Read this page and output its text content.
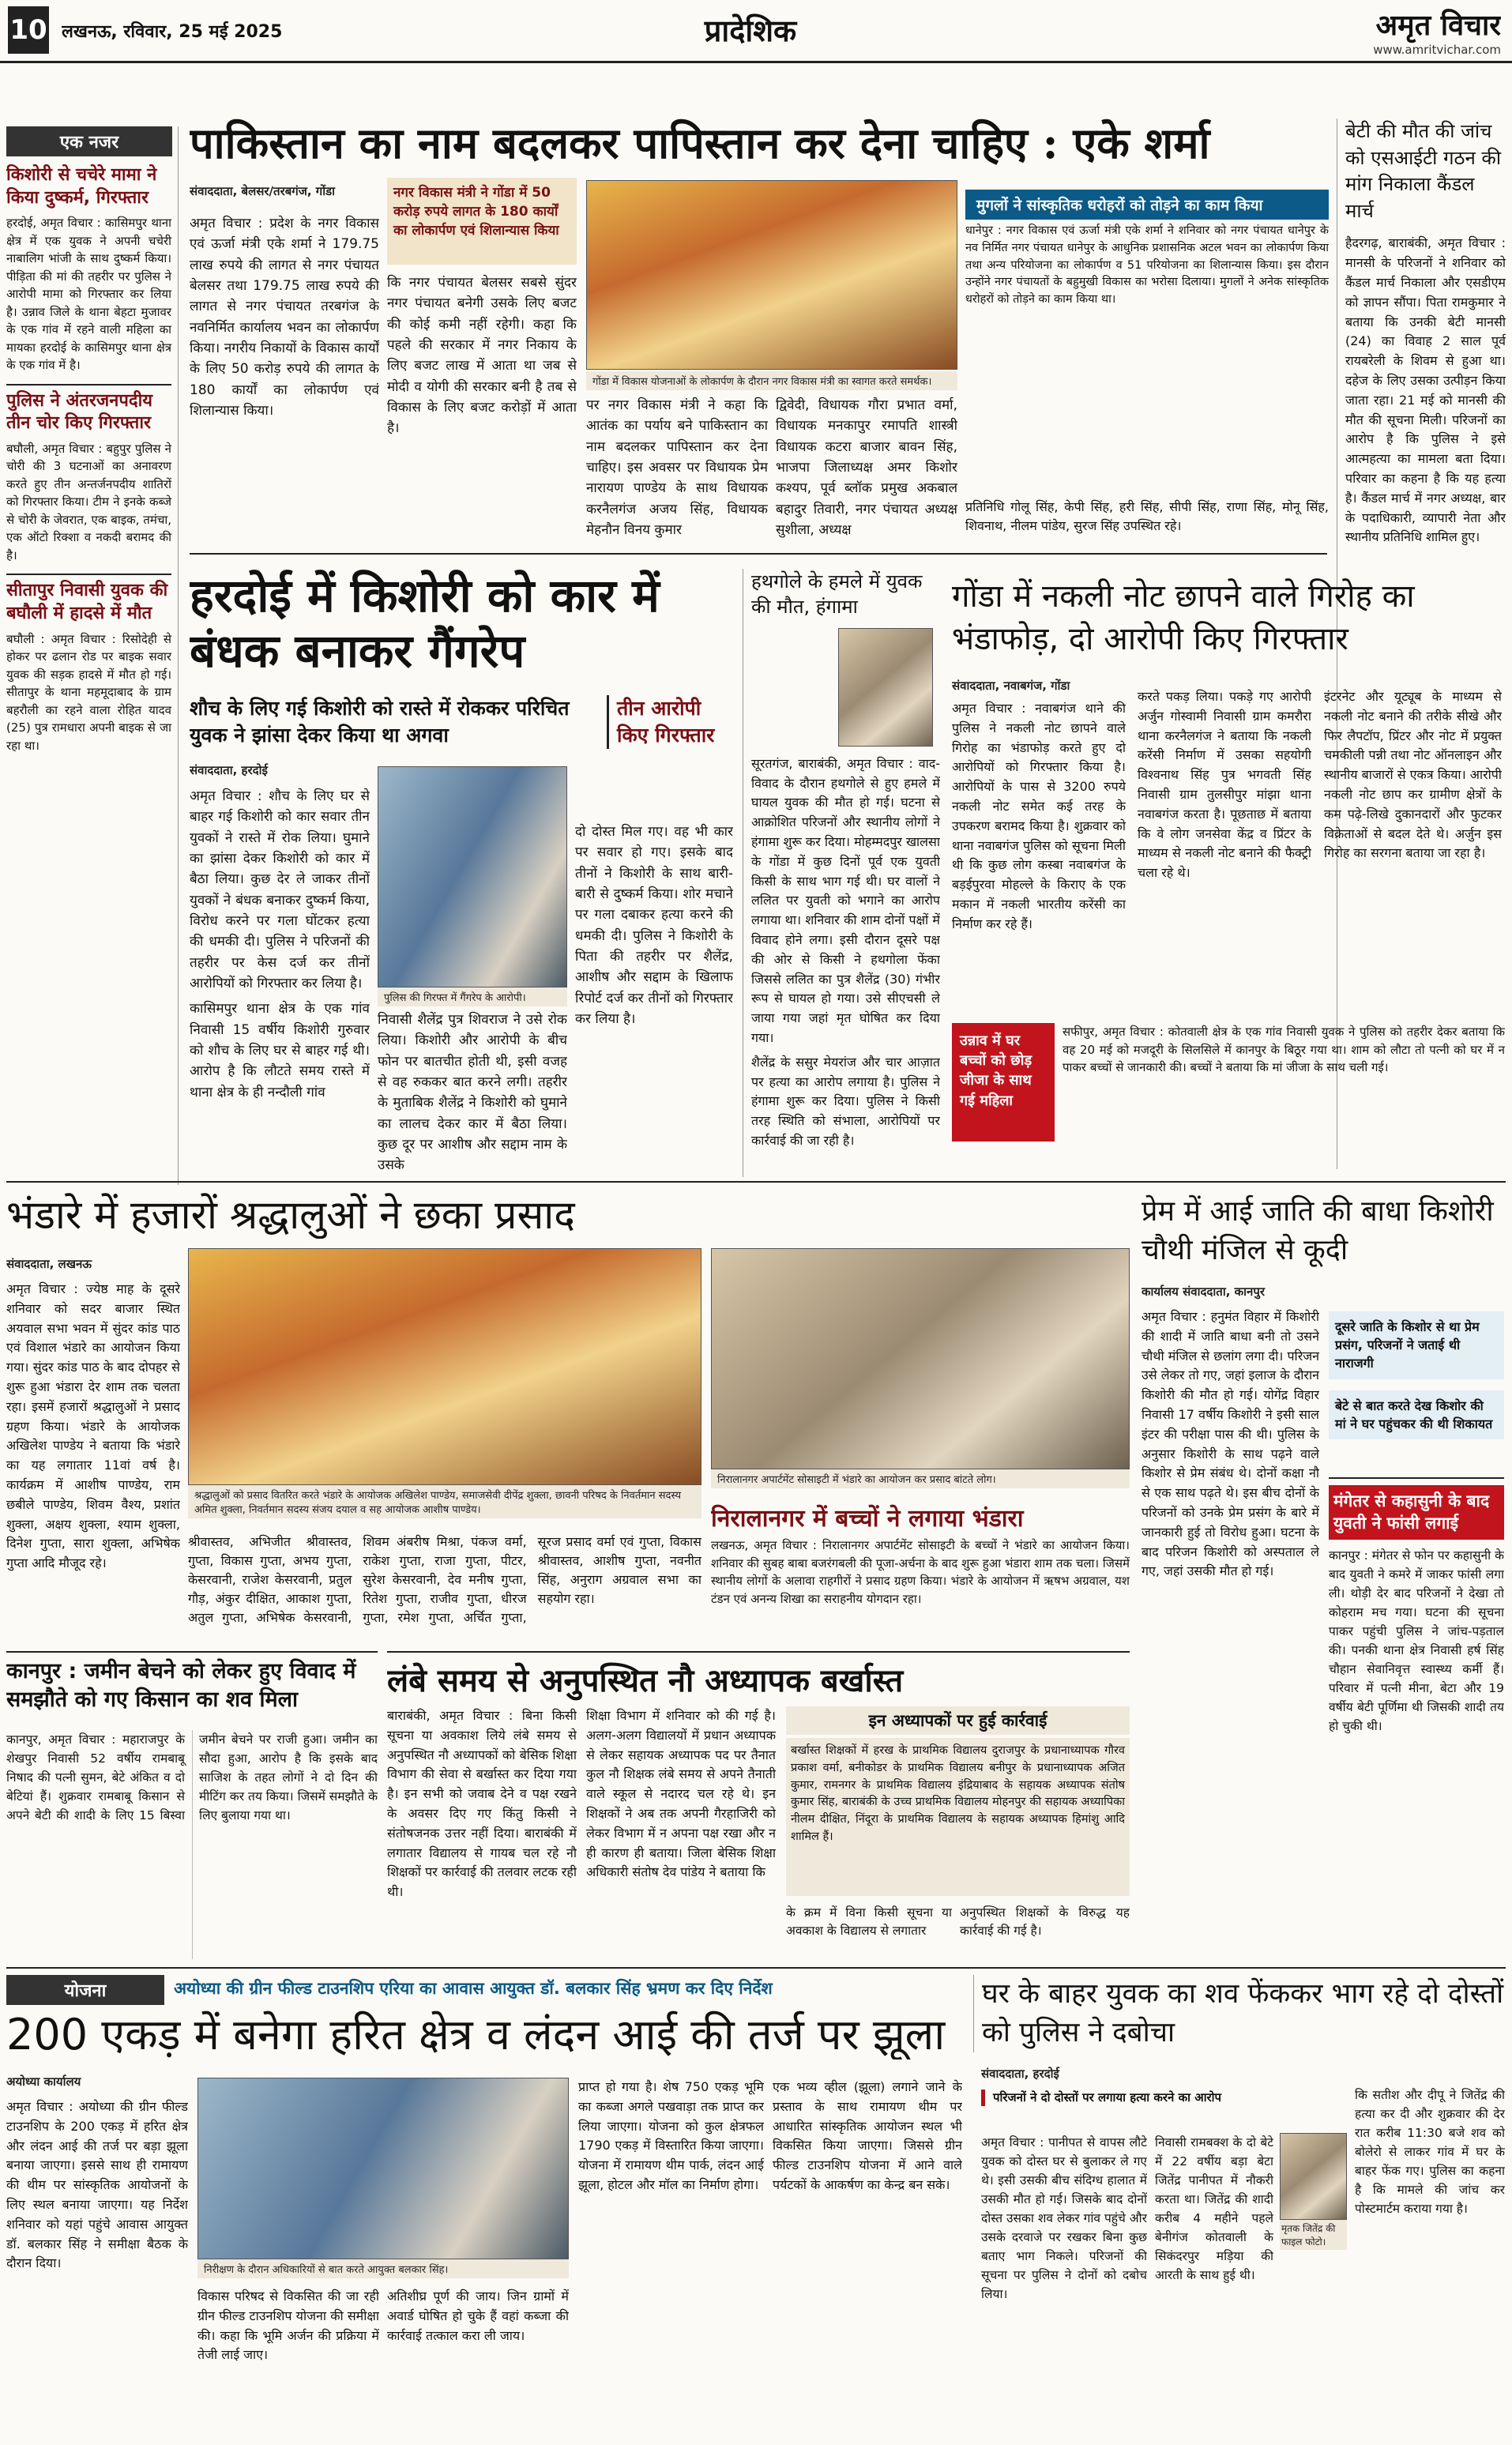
10 लखनऊ, रविवार, 25 मई 2025	प्रादेशिक	अमृत विचार
www.amritvichar.com
एक नजर
किशोरी से चचेरे मामा ने किया दुष्कर्म, गिरफ्तार
हरदोई, अमृत विचार : कासिमपुर थाना क्षेत्र में एक युवक ने अपनी चचेरी नाबालिग भांजी के साथ दुष्कर्म किया। पीड़िता की मां की तहरीर पर पुलिस ने आरोपी मामा को गिरफ्तार कर लिया है। उन्नाव जिले के थाना बेहटा मुजावर के एक गांव में रहने वाली महिला का मायका हरदोई के कासिमपुर थाना क्षेत्र के एक गांव में है।
पुलिस ने अंतरजनपदीय तीन चोर किए गिरफ्तार
बघौली, अमृत विचार : बहुपुर पुलिस ने चोरी की 3 घटनाओं का अनावरण करते हुए तीन अन्तर्जनपदीय शातिरों को गिरफ्तार किया। टीम ने इनके कब्जे से चोरी के जेवरात, एक बाइक, तमंचा, एक ऑटो रिक्शा व नकदी बरामद की है।
सीतापुर निवासी युवक की बघौली में हादसे में मौत
बघौली : अमृत विचार : रिसोदेही से होकर पर ढलान रोड पर बाइक सवार युवक की सड़क हादसे में मौत हो गई। सीतापुर के थाना महमूदाबाद के ग्राम बहरौली का रहने वाला रोहित यादव (25) पुत्र रामधारा अपनी बाइक से जा रहा था।
पाकिस्तान का नाम बदलकर पापिस्तान कर देना चाहिए : एके शर्मा
संवाददाता, बेलसर/तरबगंज, गोंडा	नगर विकास मंत्री ने गोंडा में 50 करोड़ रुपये लागत के 180 कार्यों का लोकार्पण एवं शिलान्यास किया

अमृत विचार : प्रदेश के नगर विकास एवं ऊर्जा मंत्री एके शर्मा ने 179.75 लाख रुपये की लागत से नगर पंचायत बेलसर तथा 179.75 लाख रुपये की लागत से नगर पंचायत तरबगंज के नवनिर्मित कार्यालय भवन का लोकार्पण किया। नगरीय निकायों के विकास कार्यों के लिए 50 करोड़ रुपये की लागत के 180 कार्यों का लोकार्पण एवं शिलान्यास किया।

कि नगर पंचायत बेलसर सबसे सुंदर नगर पंचायत बनेगी उसके लिए बजट की कोई कमी नहीं रहेगी। कहा कि पहले की सरकार में नगर निकाय के लिए बजट लाख में आता था जब से मोदी व योगी की सरकार बनी है तब से विकास के लिए बजट करोड़ों में आता है।

गोंडा में विकास योजनाओं के लोकार्पण के दौरान नगर विकास मंत्री का स्वागत करते समर्थक।

पर नगर विकास मंत्री ने कहा कि आतंक का पर्याय बने पाकिस्तान का नाम बदलकर पापिस्तान कर देना चाहिए। इस अवसर पर विधायक प्रेम नारायण पाण्डेय के साथ विधायक करनैलगंज अजय सिंह, विधायक मेहनौन विनय कुमार

द्विवेदी, विधायक गौरा प्रभात वर्मा, विधायक मनकापुर रमापति शास्त्री विधायक कटरा बाजार बावन सिंह, भाजपा जिलाध्यक्ष अमर किशोर कश्यप, पूर्व ब्लॉक प्रमुख अकबाल बहादुर तिवारी, नगर पंचायत अध्यक्ष सुशीला, अध्यक्ष

मुगलों ने सांस्कृतिक धरोहरों को तोड़ने का काम किया
धानेपुर : नगर विकास एवं ऊर्जा मंत्री एके शर्मा ने शनिवार को नगर पंचायत धानेपुर के नव निर्मित नगर पंचायत धानेपुर के आधुनिक प्रशासनिक अटल भवन का लोकार्पण किया तथा अन्य परियोजना का लोकार्पण व 51 परियोजना का शिलान्यास किया। इस दौरान उन्होंने नगर पंचायतों के बहुमुखी विकास का भरोसा दिलाया। मुगलों ने अनेक सांस्कृतिक धरोहरों को तोड़ने का काम किया था।
प्रतिनिधि गोलू सिंह, केपी सिंह, हरी सिंह, सीपी सिंह, राणा सिंह, मोनू सिंह, शिवनाथ, नीलम पांडेय, सुरज सिंह उपस्थित रहे।
बेटी की मौत की जांच को एसआईटी गठन की मांग निकाला कैंडल मार्च
हैदरगढ़, बाराबंकी, अमृत विचार : मानसी के परिजनों ने शनिवार को कैंडल मार्च निकाला और एसडीएम को ज्ञापन सौंपा। पिता रामकुमार ने बताया कि उनकी बेटी मानसी (24) का विवाह 2 साल पूर्व रायबरेली के शिवम से हुआ था। दहेज के लिए उसका उत्पीड़न किया जाता रहा। 21 मई को मानसी की मौत की सूचना मिली। परिजनों का आरोप है कि पुलिस ने इसे आत्महत्या का मामला बता दिया। परिवार का कहना है कि यह हत्या है। कैंडल मार्च में नगर अध्यक्ष, बार के पदाधिकारी, व्यापारी नेता और स्थानीय प्रतिनिधि शामिल हुए।
हरदोई में किशोरी को कार में बंधक बनाकर गैंगरेप
शौच के लिए गई किशोरी को रास्ते में रोककर परिचित युवक ने झांसा देकर किया था अगवा
तीन आरोपी किए गिरफ्तार
संवाददाता, हरदोई

अमृत विचार : शौच के लिए घर से बाहर गई किशोरी को कार सवार तीन युवकों ने रास्ते में रोक लिया। घुमाने का झांसा देकर किशोरी को कार में बैठा लिया। कुछ देर ले जाकर तीनों युवकों ने बंधक बनाकर दुष्कर्म किया, विरोध करने पर गला घोंटकर हत्या की धमकी दी। पुलिस ने परिजनों की तहरीर पर केस दर्ज कर तीनों आरोपियों को गिरफ्तार कर लिया है।

कासिमपुर थाना क्षेत्र के एक गांव निवासी 15 वर्षीय किशोरी गुरुवार को शौच के लिए घर से बाहर गई थी। आरोप है कि लौटते समय रास्ते में थाना क्षेत्र के ही नन्दौली गांव

पुलिस की गिरफ्त में गैंगरेप के आरोपी।

निवासी शैलेंद्र पुत्र शिवराज ने उसे रोक लिया। किशोरी और आरोपी के बीच फोन पर बातचीत होती थी, इसी वजह से वह रुककर बात करने लगी। तहरीर के मुताबिक शैलेंद्र ने किशोरी को घुमाने का लालच देकर कार में बैठा लिया। कुछ दूर पर आशीष और सद्दाम नाम के उसके

दो दोस्त मिल गए। वह भी कार पर सवार हो गए। इसके बाद तीनों ने किशोरी के साथ बारी-बारी से दुष्कर्म किया। शोर मचाने पर गला दबाकर हत्या करने की धमकी दी। पुलिस ने किशोरी के पिता की तहरीर पर शैलेंद्र, आशीष और सद्दाम के खिलाफ रिपोर्ट दर्ज कर तीनों को गिरफ्तार कर लिया है।

हथगोले के हमले में युवक की मौत, हंगामा
सूरतगंज, बाराबंकी, अमृत विचार : वाद-विवाद के दौरान हथगोले से हुए हमले में घायल युवक की मौत हो गई। घटना से आक्रोशित परिजनों और स्थानीय लोगों ने हंगामा शुरू कर दिया। मोहम्मदपुर खालसा के गोंडा में कुछ दिनों पूर्व एक युवती किसी के साथ भाग गई थी। घर वालों ने ललित पर युवती को भगाने का आरोप लगाया था। शनिवार की शाम दोनों पक्षों में विवाद होने लगा। इसी दौरान दूसरे पक्ष की ओर से किसी ने हथगोला फेंका जिससे ललित का पुत्र शैलेंद्र (30) गंभीर रूप से घायल हो गया। उसे सीएचसी ले जाया गया जहां मृत घोषित कर दिया गया।
शैलेंद्र के ससुर मेयरांज और चार आज़ात पर हत्या का आरोप लगाया है। पुलिस ने हंगामा शुरू कर दिया। पुलिस ने किसी तरह स्थिति को संभाला, आरोपियों पर कार्रवाई की जा रही है।
गोंडा में नकली नोट छापने वाले गिरोह का भंडाफोड़, दो आरोपी किए गिरफ्तार
संवाददाता, नवाबगंज, गोंडा

अमृत विचार : नवाबगंज थाने की पुलिस ने नकली नोट छापने वाले गिरोह का भंडाफोड़ करते हुए दो आरोपियों को गिरफ्तार किया है। आरोपियों के पास से 3200 रुपये नकली नोट समेत कई तरह के उपकरण बरामद किया है। शुक्रवार को थाना नवाबगंज पुलिस को सूचना मिली थी कि कुछ लोग कस्बा नवाबगंज के बड़ईपुरवा मोहल्ले के किराए के एक मकान में नकली भारतीय करेंसी का निर्माण कर रहे हैं।

करते पकड़ लिया। पकड़े गए आरोपी अर्जुन गोस्वामी निवासी ग्राम कमरौरा थाना करनैलगंज ने बताया कि नकली करेंसी निर्माण में उसका सहयोगी विश्वनाथ सिंह पुत्र भगवती सिंह निवासी ग्राम तुलसीपुर मांझा थाना नवाबगंज करता है। पूछताछ में बताया कि वे लोग जनसेवा केंद्र व प्रिंटर के माध्यम से नकली नोट बनाने की फैक्ट्री चला रहे थे।

इंटरनेट और यूट्यूब के माध्यम से नकली नोट बनाने की तरीके सीखे और फिर लैपटॉप, प्रिंटर और नोट में प्रयुक्त चमकीली पन्नी तथा नोट ऑनलाइन और स्थानीय बाजारों से एकत्र किया। आरोपी नकली नोट छाप कर ग्रामीण क्षेत्रों के कम पढ़े-लिखे दुकानदारों और फुटकर विक्रेताओं से बदल देते थे। अर्जुन इस गिरोह का सरगना बताया जा रहा है।

उन्नाव में घर बच्चों को छोड़ जीजा के साथ गई महिला
सफीपुर, अमृत विचार : कोतवाली क्षेत्र के एक गांव निवासी युवक ने पुलिस को तहरीर देकर बताया कि वह 20 मई को मजदूरी के सिलसिले में कानपुर के बिठूर गया था। शाम को लौटा तो पत्नी को घर में न पाकर बच्चों से जानकारी की। बच्चों ने बताया कि मां जीजा के साथ चली गई।
भंडारे में हजारों श्रद्धालुओं ने छका प्रसाद
संवाददाता, लखनऊ

अमृत विचार : ज्येष्ठ माह के दूसरे शनिवार को सदर बाजार स्थित अयवाल सभा भवन में सुंदर कांड पाठ एवं विशाल भंडारे का आयोजन किया गया। सुंदर कांड पाठ के बाद दोपहर से शुरू हुआ भंडारा देर शाम तक चलता रहा। इसमें हजारों श्रद्धालुओं ने प्रसाद ग्रहण किया। भंडारे के आयोजक अखिलेश पाण्डेय ने बताया कि भंडारे का यह लगातार 11वां वर्ष है। कार्यक्रम में आशीष पाण्डेय, राम छबीले पाण्डेय, शिवम वैश्य, प्रशांत शुक्ला, अक्षय शुक्ला, श्याम शुक्ला, दिनेश गुप्ता, सारा शुक्ला, अभिषेक गुप्ता आदि मौजूद रहे।

श्रद्धालुओं को प्रसाद वितरित करते भंडारे के आयोजक अखिलेश पाण्डेय, समाजसेवी दीपेंद्र शुक्ला, छावनी परिषद के निवर्तमान सदस्य अमित शुक्ला, निवर्तमान सदस्य संजय दयाल व सह आयोजक आशीष पाण्डेय।
श्रीवास्तव, अभिजीत श्रीवास्तव, गुप्ता, विकास गुप्ता, अभय गुप्ता, केसरवानी, राजेश केसरवानी, प्रतुल गौड़, अंकुर दीक्षित, आकाश गुप्ता, अतुल गुप्ता, अभिषेक केसरवानी, शिवम अंबरीष मिश्रा, पंकज वर्मा, राकेश गुप्ता, राजा गुप्ता, पीटर, सुरेश केसरवानी, देव मनीष गुप्ता, रितेश गुप्ता, राजीव गुप्ता, धीरज गुप्ता, रमेश गुप्ता, अर्चित गुप्ता, सूरज प्रसाद वर्मा एवं गुप्ता, विकास श्रीवास्तव, आशीष गुप्ता, नवनीत सिंह, अनुराग अग्रवाल सभा का सहयोग रहा।
निरालानगर अपार्टमेंट सोसाइटी में भंडारे का आयोजन कर प्रसाद बांटते लोग।
निरालानगर में बच्चों ने लगाया भंडारा
लखनऊ, अमृत विचार : निरालानगर अपार्टमेंट सोसाइटी के बच्चों ने भंडारे का आयोजन किया। शनिवार की सुबह बाबा बजरंगबली की पूजा-अर्चना के बाद शुरू हुआ भंडारा शाम तक चला। जिसमें स्थानीय लोगों के अलावा राहगीरों ने प्रसाद ग्रहण किया। भंडारे के आयोजन में ऋषभ अग्रवाल, यश टंडन एवं अनन्य शिखा का सराहनीय योगदान रहा।
प्रेम में आई जाति की बाधा किशोरी चौथी मंजिल से कूदी
कार्यालय संवाददाता, कानपुर

अमृत विचार : हनुमंत विहार में किशोरी की शादी में जाति बाधा बनी तो उसने चौथी मंजिल से छलांग लगा दी। परिजन उसे लेकर तो गए, जहां इलाज के दौरान किशोरी की मौत हो गई। योगेंद्र विहार निवासी 17 वर्षीय किशोरी ने इसी साल इंटर की परीक्षा पास की थी। पुलिस के अनुसार किशोरी के साथ पढ़ने वाले किशोर से प्रेम संबंध थे। दोनों कक्षा नौ से एक साथ पढ़ते थे। इस बीच दोनों के परिजनों को उनके प्रेम प्रसंग के बारे में जानकारी हुई तो विरोध हुआ। घटना के बाद परिजन किशोरी को अस्पताल ले गए, जहां उसकी मौत हो गई।

दूसरे जाति के किशोर से था प्रेम प्रसंग, परिजनों ने जताई थी नाराजगी
बेटे से बात करते देख किशोर की मां ने घर पहुंचकर की थी शिकायत
मंगेतर से कहासुनी के बाद युवती ने फांसी लगाई
कानपुर : मंगेतर से फोन पर कहासुनी के बाद युवती ने कमरे में जाकर फांसी लगा ली। थोड़ी देर बाद परिजनों ने देखा तो कोहराम मच गया। घटना की सूचना पाकर पहुंची पुलिस ने जांच-पड़ताल की। पनकी थाना क्षेत्र निवासी हर्ष सिंह चौहान सेवानिवृत्त स्वास्थ्य कर्मी हैं। परिवार में पत्नी मीना, बेटा और 19 वर्षीय बेटी पूर्णिमा थी जिसकी शादी तय हो चुकी थी।
कानपुर : जमीन बेचने को लेकर हुए विवाद में समझौते को गए किसान का शव मिला

कानपुर, अमृत विचार : महाराजपुर के शेखपुर निवासी 52 वर्षीय रामबाबू निषाद की पत्नी सुमन, बेटे अंकित व दो बेटियां हैं। शुक्रवार रामबाबू किसान से अपने बेटी की शादी के लिए 15 बिस्वा जमीन बेचने पर राजी हुआ। जमीन का सौदा हुआ, आरोप है कि इसके बाद साजिश के तहत लोगों ने दो दिन की मीटिंग कर तय किया। जिसमें समझौते के लिए बुलाया गया था।

लंबे समय से अनुपस्थित नौ अध्यापक बर्खास्त

बाराबंकी, अमृत विचार : बिना किसी सूचना या अवकाश लिये लंबे समय से अनुपस्थित नौ अध्यापकों को बेसिक शिक्षा विभाग की सेवा से बर्खास्त कर दिया गया है। इन सभी को जवाब देने व पक्ष रखने के अवसर दिए गए किंतु किसी ने संतोषजनक उत्तर नहीं दिया। बाराबंकी में लगातार विद्यालय से गायब चल रहे नौ शिक्षकों पर कार्रवाई की तलवार लटक रही थी।

शिक्षा विभाग में शनिवार को की गई है। अलग-अलग विद्यालयों में प्रधान अध्यापक से लेकर सहायक अध्यापक पद पर तैनात कुल नौ शिक्षक लंबे समय से अपने तैनाती वाले स्कूल से नदारद चल रहे थे। इन शिक्षकों ने अब तक अपनी गैरहाजिरी को लेकर विभाग में न अपना पक्ष रखा और न ही कारण ही बताया। जिला बेसिक शिक्षा अधिकारी संतोष देव पांडेय ने बताया कि

इन अध्यापकों पर हुई कार्रवाई
बर्खास्त शिक्षकों में हरख के प्राथमिक विद्यालय दुराजपुर के प्रधानाध्यापक गौरव प्रकाश वर्मा, बनीकोडर के प्राथमिक विद्यालय बनीपुर के प्रधानाध्यापक अजित कुमार, रामनगर के प्राथमिक विद्यालय इंद्रियाबाद के सहायक अध्यापक संतोष कुमार सिंह, बाराबंकी के उच्च प्राथमिक विद्यालय मोहनपुर की सहायक अध्यापिका नीलम दीक्षित, निंदूरा के प्राथमिक विद्यालय के सहायक अध्यापक हिमांशु आदि शामिल हैं।
के क्रम में विना किसी सूचना या अवकाश के विद्यालय से लगातार
अनुपस्थित शिक्षकों के विरुद्ध यह कार्रवाई की गई है।
योजना	अयोध्या की ग्रीन फील्ड टाउनशिप एरिया का आवास आयुक्त डॉ. बलकार सिंह भ्रमण कर दिए निर्देश
200 एकड़ में बनेगा हरित क्षेत्र व लंदन आई की तर्ज पर झूला
अयोध्या कार्यालय

अमृत विचार : अयोध्या की ग्रीन फील्ड टाउनशिप के 200 एकड़ में हरित क्षेत्र और लंदन आई की तर्ज पर बड़ा झूला बनाया जाएगा। इससे साथ ही रामायण की थीम पर सांस्कृतिक आयोजनों के लिए स्थल बनाया जाएगा। यह निर्देश शनिवार को यहां पहुंचे आवास आयुक्त डॉ. बलकार सिंह ने समीक्षा बैठक के दौरान दिया।	निरीक्षण के दौरान अधिकारियों से बात करते आयुक्त बलकार सिंह।

विकास परिषद से विकसित की जा रही ग्रीन फील्ड टाउनशिप योजना की समीक्षा की। कहा कि भूमि अर्जन की प्रक्रिया में तेजी लाई जाए।

अतिशीघ्र पूर्ण की जाय। जिन ग्रामों में अवार्ड घोषित हो चुके हैं वहां कब्जा की कार्रवाई तत्काल करा ली जाय।

प्राप्त हो गया है। शेष 750 एकड़ भूमि का कब्जा अगले पखवाड़ा तक प्राप्त कर लिया जाएगा। योजना को कुल क्षेत्रफल 1790 एकड़ में विस्तारित किया जाएगा। योजना में रामायण थीम पार्क, लंदन आई झूला, होटल और मॉल का निर्माण होगा।

एक भव्य व्हील (झूला) लगाने जाने के प्रस्ताव के साथ रामायण थीम पर आधारित सांस्कृतिक आयोजन स्थल भी विकसित किया जाएगा। जिससे ग्रीन फील्ड टाउनशिप योजना में आने वाले पर्यटकों के आकर्षण का केन्द्र बन सके।

घर के बाहर युवक का शव फेंककर भाग रहे दो दोस्तों को पुलिस ने दबोचा
संवाददाता, हरदोई
परिजनों ने दो दोस्तों पर लगाया हत्या करने का आरोप

अमृत विचार : पानीपत से वापस लौटे युवक को दोस्त घर से बुलाकर ले गए थे। इसी उसकी बीच संदिग्ध हालात में उसकी मौत हो गई। जिसके बाद दोनों दोस्त उसका शव लेकर गांव पहुंचे और उसके दरवाजे पर रखकर बिना कुछ बताए भाग निकले। परिजनों की सूचना पर पुलिस ने दोनों को दबोच लिया।

निवासी रामबक्श के दो बेटे में 22 वर्षीय बड़ा बेटा जितेंद्र पानीपत में नौकरी करता था। जितेंद्र की शादी करीब 4 महीने पहले बेनीगंज कोतवाली के सिकंदरपुर मड़िया की आरती के साथ हुई थी।

मृतक जितेंद्र की फाइल फोटो।

कि सतीश और दीपू ने जितेंद्र की हत्या कर दी और शुक्रवार की देर रात करीब 11:30 बजे शव को बोलेरो से लाकर गांव में घर के बाहर फेंक गए। पुलिस का कहना है कि मामले की जांच कर पोस्टमार्टम कराया गया है।
